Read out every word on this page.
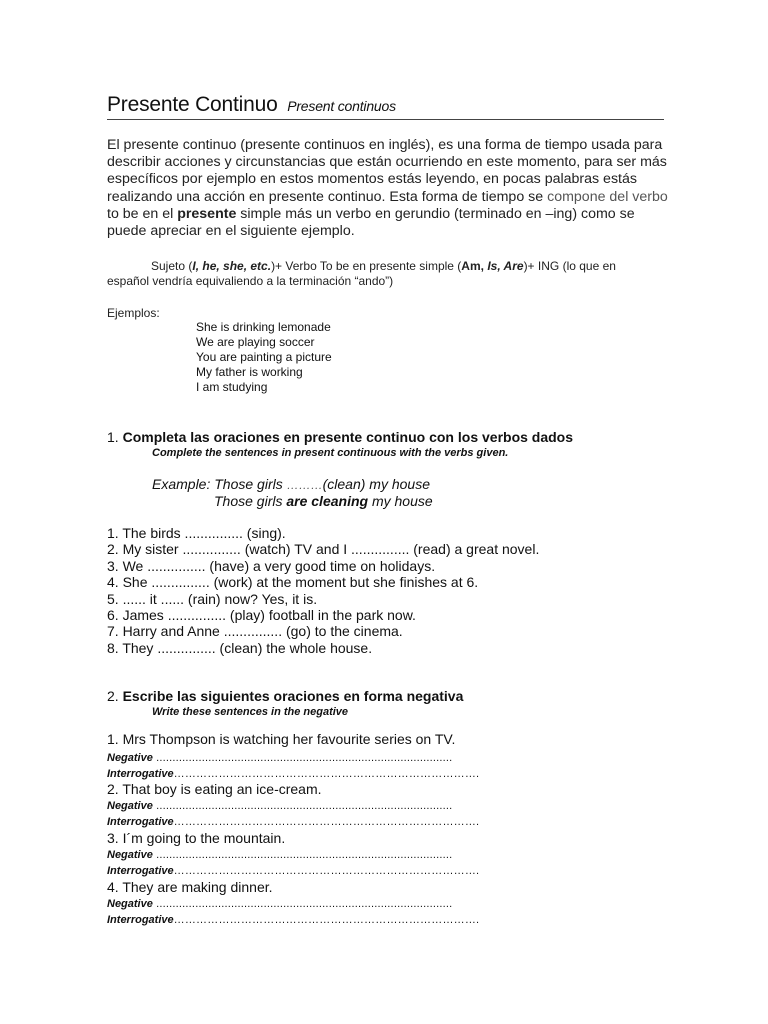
Presente Continuo Present continuos
El presente continuo (presente continuos en inglés), es una forma de tiempo usada para
describir acciones y circunstancias que están ocurriendo en este momento, para ser más
específicos por ejemplo en estos momentos estás leyendo, en pocas palabras estás
realizando una acción en presente continuo. Esta forma de tiempo se compone del verbo
to be en el presente simple más un verbo en gerundio (terminado en –ing) como se
puede apreciar en el siguiente ejemplo.
Sujeto (I, he, she, etc.)+ Verbo To be en presente simple (Am, Is, Are)+ ING (lo que en
español vendría equivaliendo a la terminación “ando”)
Ejemplos:
She is drinking lemonade
We are playing soccer
You are painting a picture
My father is working
I am studying
1. Completa las oraciones en presente continuo con los verbos dados
Complete the sentences in present continuous with the verbs given.
Example: Those girls ………(clean) my house
Those girls are cleaning my house
1. The birds ............... (sing).
2. My sister ............... (watch) TV and I ............... (read) a great novel.
3. We ............... (have) a very good time on holidays.
4. She ............... (work) at the moment but she finishes at 6.
5. ...... it ...... (rain) now? Yes, it is.
6. James ............... (play) football in the park now.
7. Harry and Anne ............... (go) to the cinema.
8. They ............... (clean) the whole house.
2. Escribe las siguientes oraciones en forma negativa
Write these sentences in the negative
1. Mrs Thompson is watching her favourite series on TV.
Negative ...........................................................................................
Interrogative……………………………………………………………………….
2. That boy is eating an ice-cream.
Negative ...........................................................................................
Interrogative……………………………………………………………………….
3. I´m going to the mountain.
Negative ...........................................................................................
Interrogative……………………………………………………………………….
4. They are making dinner.
Negative ...........................................................................................
Interrogative……………………………………………………………………….
